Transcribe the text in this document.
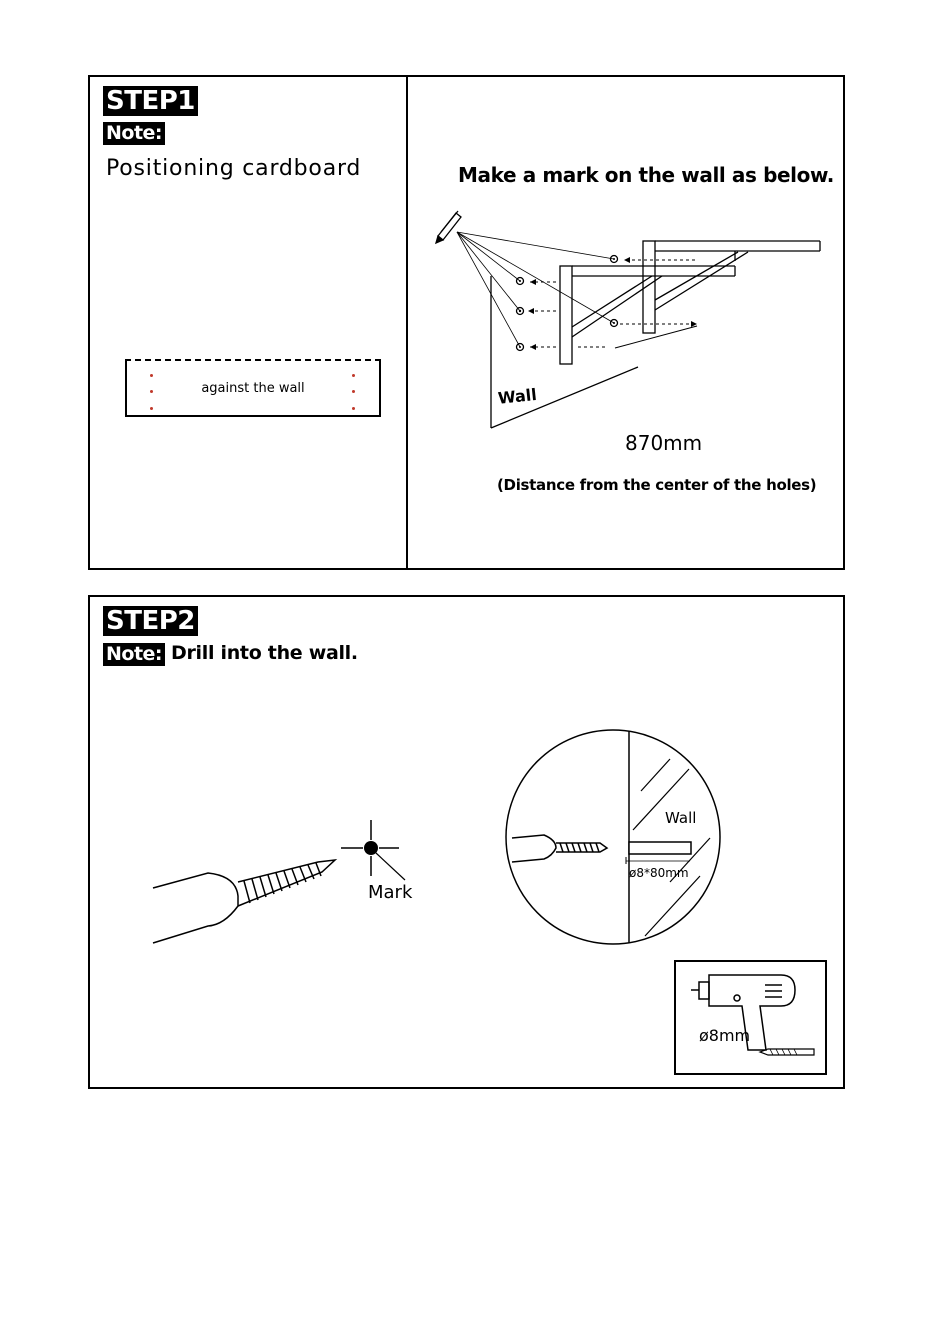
STEP1
Note:
Positioning cardboard
against the wall
Make a mark on the wall as below.
Wall
870mm
(Distance from the center of the holes)
STEP2
Note: Drill into the wall.
Mark
Wall
ø8*80mm
ø8mm
